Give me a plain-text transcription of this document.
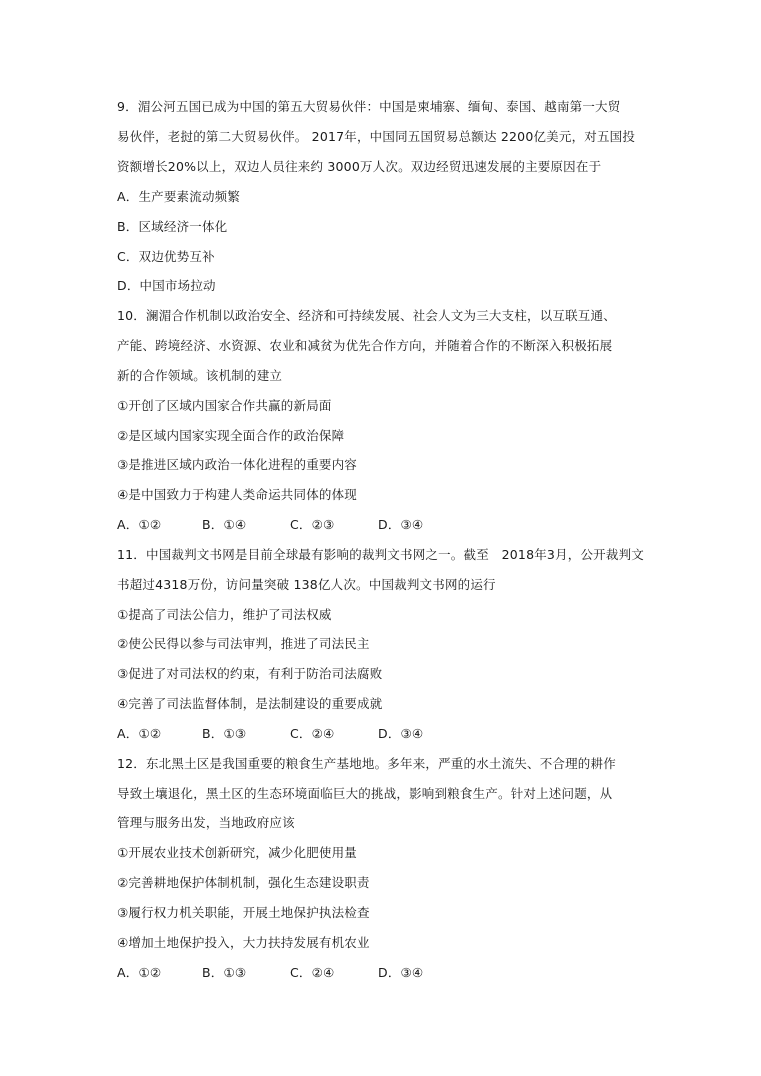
9．湄公河五国已成为中国的第五大贸易伙伴：中国是柬埔寨、缅甸、泰国、越南第一大贸
易伙伴，老挝的第二大贸易伙伴。 2017年，中国同五国贸易总额达 2200亿美元，对五国投
资额增长20%以上，双边人员往来约 3000万人次。双边经贸迅速发展的主要原因在于
A．生产要素流动频繁
B．区域经济一体化
C．双边优势互补
D．中国市场拉动
10．澜湄合作机制以政治安全、经济和可持续发展、社会人文为三大支柱，以互联互通、
产能、跨境经济、水资源、农业和减贫为优先合作方向，并随着合作的不断深入积极拓展
新的合作领域。该机制的建立
①开创了区域内国家合作共赢的新局面
②是区域内国家实现全面合作的政治保障
③是推进区域内政治一体化进程的重要内容
④是中国致力于构建人类命运共同体的体现
A．①②	B．①④	C．②③	D．③④
11．中国裁判文书网是目前全球最有影响的裁判文书网之一。截至　2018年3月，公开裁判文
书超过4318万份，访问量突破 138亿人次。中国裁判文书网的运行
①提高了司法公信力，维护了司法权威
②使公民得以参与司法审判，推进了司法民主
③促进了对司法权的约束，有利于防治司法腐败
④完善了司法监督体制，是法制建设的重要成就
A．①②	B．①③	C．②④	D．③④
12．东北黑土区是我国重要的粮食生产基地地。多年来，严重的水土流失、不合理的耕作
导致土壤退化，黑土区的生态环境面临巨大的挑战，影响到粮食生产。针对上述问题，从
管理与服务出发，当地政府应该
①开展农业技术创新研究，减少化肥使用量
②完善耕地保护体制机制，强化生态建设职责
③履行权力机关职能，开展土地保护执法检查
④增加土地保护投入，大力扶持发展有机农业
A．①②	B．①③	C．②④	D．③④
